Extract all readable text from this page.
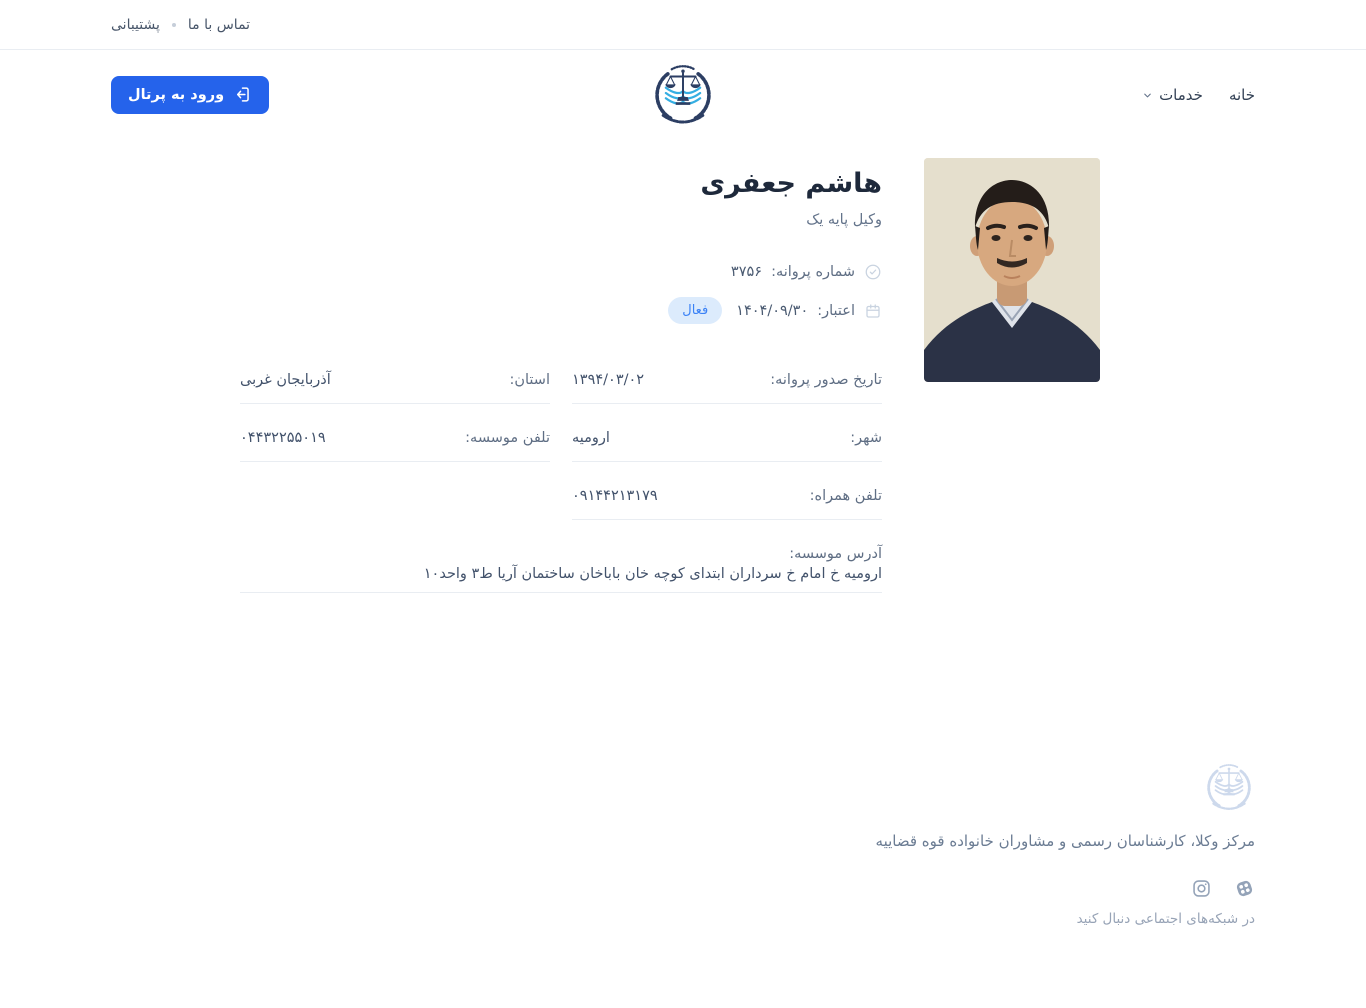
تماس با ما
پشتیبانی
خانه
خدمات
ورود به پرتال
هاشم جعفری
وکیل پایه یک
شماره پروانه:
۳۷۵۶
اعتبار:
۱۴۰۴/۰۹/۳۰
فعال
تاریخ صدور پروانه:
۱۳۹۴/۰۳/۰۲
استان:
آذربایجان غربی
شهر:
ارومیه
تلفن موسسه:
۰۴۴۳۲۲۵۵۰۱۹
تلفن همراه:
۰۹۱۴۴۲۱۳۱۷۹
آدرس موسسه:
ارومیه خ امام خ سرداران ابتدای کوچه خان باباخان ساختمان آریا ط۳ واحد۱۰
مرکز وکلا، کارشناسان رسمی و مشاوران خانواده قوه قضاییه
در شبکه‌های اجتماعی دنبال کنید
